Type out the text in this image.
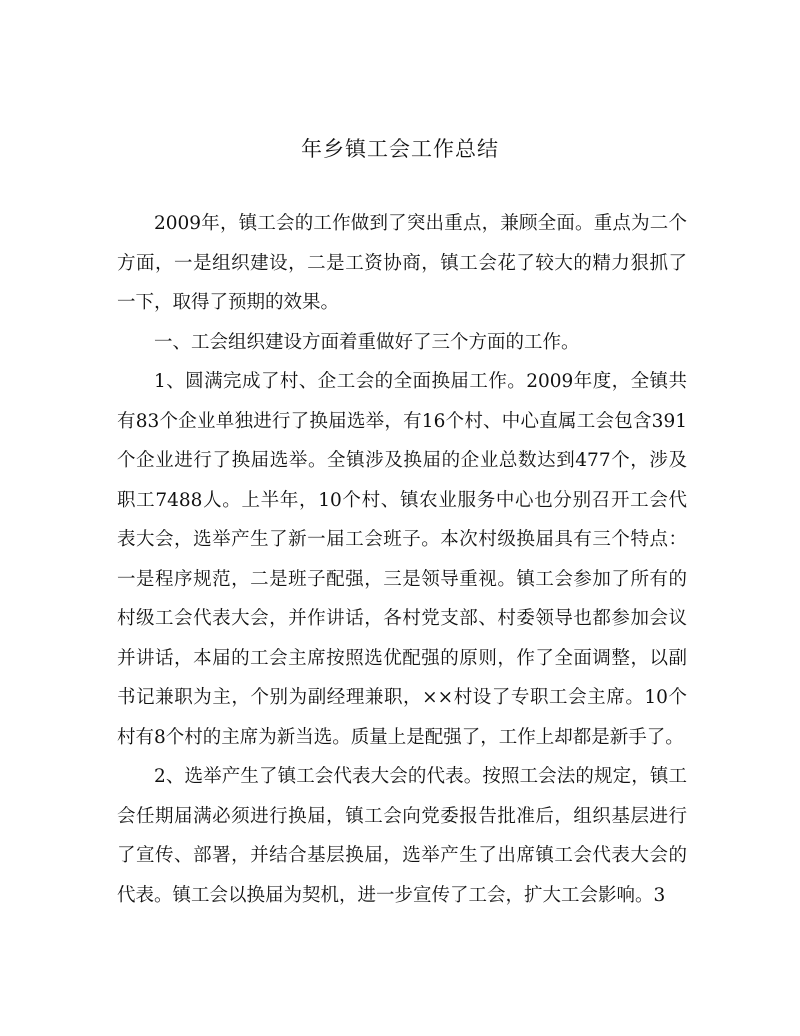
年乡镇工会工作总结

2009年，镇工会的工作做到了突出重点，兼顾全面。重点为二个方面，一是组织建设，二是工资协商，镇工会花了较大的精力狠抓了一下，取得了预期的效果。

一、工会组织建设方面着重做好了三个方面的工作。

1、圆满完成了村、企工会的全面换届工作。2009年度，全镇共有83个企业单独进行了换届选举，有16个村、中心直属工会包含391个企业进行了换届选举。全镇涉及换届的企业总数达到477个，涉及职工7488人。上半年，10个村、镇农业服务中心也分别召开工会代表大会，选举产生了新一届工会班子。本次村级换届具有三个特点：一是程序规范，二是班子配强，三是领导重视。镇工会参加了所有的村级工会代表大会，并作讲话，各村党支部、村委领导也都参加会议并讲话，本届的工会主席按照选优配强的原则，作了全面调整，以副书记兼职为主，个别为副经理兼职，××村设了专职工会主席。10个村有8个村的主席为新当选。质量上是配强了，工作上却都是新手了。

2、选举产生了镇工会代表大会的代表。按照工会法的规定，镇工会任期届满必须进行换届，镇工会向党委报告批准后，组织基层进行了宣传、部署，并结合基层换届，选举产生了出席镇工会代表大会的代表。镇工会以换届为契机，进一步宣传了工会，扩大工会影响。3
